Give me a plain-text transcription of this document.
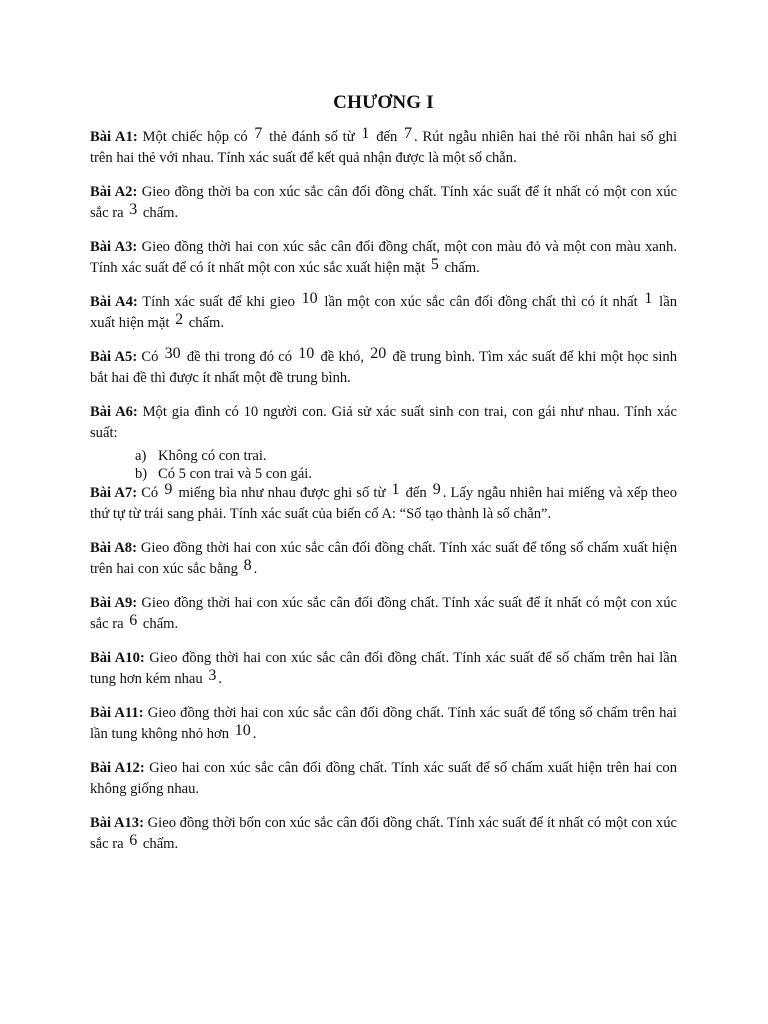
CHƯƠNG I
Bài A1: Một chiếc hộp có 7 thẻ đánh số từ 1 đến 7 . Rút ngẫu nhiên hai thẻ rồi nhân hai số ghi trên hai thẻ với nhau. Tính xác suất để kết quả nhận được là một số chẵn.
Bài A2: Gieo đồng thời ba con xúc sắc cân đối đồng chất. Tính xác suất để ít nhất có một con xúc sắc ra 3 chấm.
Bài A3: Gieo đồng thời hai con xúc sắc cân đối đồng chất, một con màu đỏ và một con màu xanh. Tính xác suất để có ít nhất một con xúc sắc xuất hiện mặt 5 chấm.
Bài A4: Tính xác suất để khi gieo 10 lần một con xúc sắc cân đối đồng chất thì có ít nhất 1 lần xuất hiện mặt 2 chấm.
Bài A5: Có 30 đề thi trong đó có 10 đề khó, 20 đề trung bình. Tìm xác suất để khi một học sinh bắt hai đề thì được ít nhất một đề trung bình.
Bài A6: Một gia đình có 10 người con. Giả sử xác suất sinh con trai, con gái như nhau. Tính xác suất:
a) Không có con trai.
b) Có 5 con trai và 5 con gái.
Bài A7: Có 9 miếng bìa như nhau được ghi số từ 1 đến 9 . Lấy ngẫu nhiên hai miếng và xếp theo thứ tự từ trái sang phải. Tính xác suất của biến cố A: “Số tạo thành là số chẵn”.
Bài A8: Gieo đồng thời hai con xúc sắc cân đối đồng chất. Tính xác suất để tổng số chấm xuất hiện trên hai con xúc sắc bằng 8 .
Bài A9: Gieo đồng thời hai con xúc sắc cân đối đồng chất. Tính xác suất để ít nhất có một con xúc sắc ra 6 chấm.
Bài A10: Gieo đồng thời hai con xúc sắc cân đối đồng chất. Tính xác suất để số chấm trên hai lần tung hơn kém nhau 3 .
Bài A11: Gieo đồng thời hai con xúc sắc cân đối đồng chất. Tính xác suất để tổng số chấm trên hai lần tung không nhỏ hơn 10 .
Bài A12: Gieo hai con xúc sắc cân đối đồng chất. Tính xác suất để số chấm xuất hiện trên hai con không giống nhau.
Bài A13: Gieo đồng thời bốn con xúc sắc cân đối đồng chất. Tính xác suất để ít nhất có một con xúc sắc ra 6 chấm.
